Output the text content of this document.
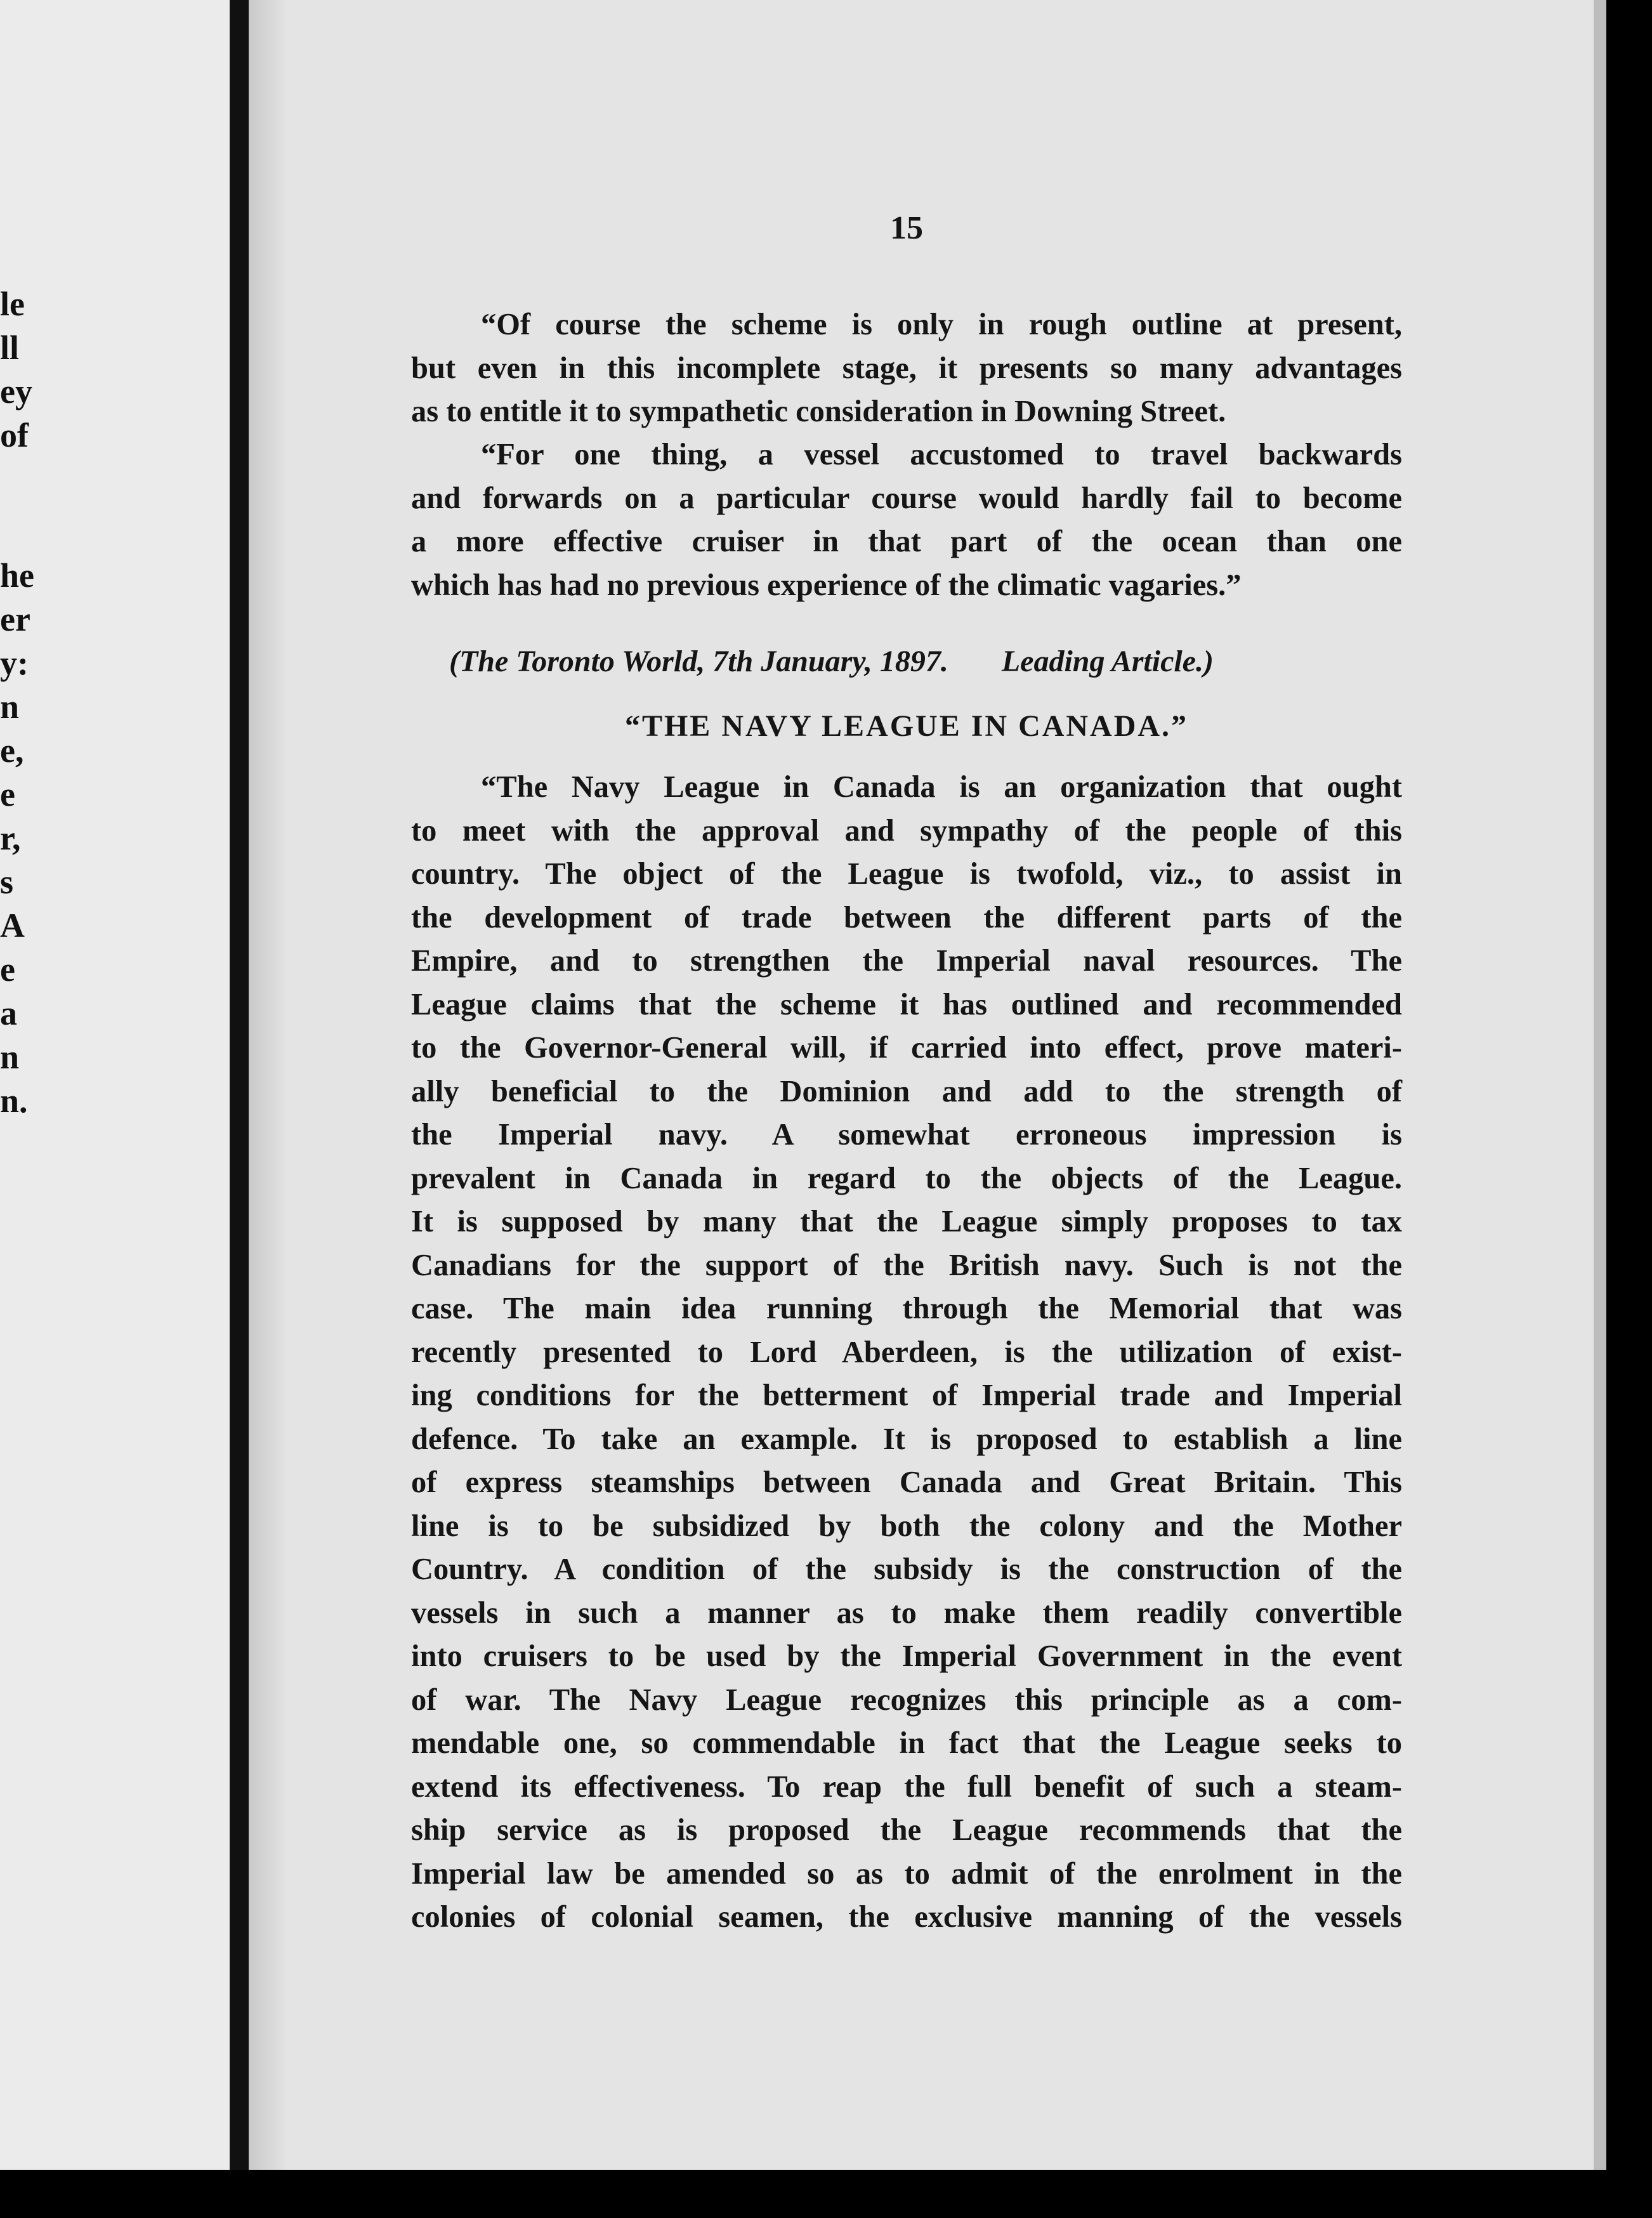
le
ll
ey
of
he
er
y:
n
e,
e
r,
s
A
e
a
n
n.
15
“Of course the scheme is only in rough outline at present,
but even in this incomplete stage, it presents so many advantages
as to entitle it to sympathetic consideration in Downing Street.
“For one thing, a vessel accustomed to travel backwards
and forwards on a particular course would hardly fail to become
a more effective cruiser in that part of the ocean than one
which has had no previous experience of the climatic vagaries.”
(The Toronto World, 7th January, 1897. Leading Article.)
“THE NAVY LEAGUE IN CANADA.”
“The Navy League in Canada is an organization that ought
to meet with the approval and sympathy of the people of this
country. The object of the League is twofold, viz., to assist in
the development of trade between the different parts of the
Empire, and to strengthen the Imperial naval resources. The
League claims that the scheme it has outlined and recommended
to the Governor-General will, if carried into effect, prove materi-
ally beneficial to the Dominion and add to the strength of
the Imperial navy. A somewhat erroneous impression is
prevalent in Canada in regard to the objects of the League.
It is supposed by many that the League simply proposes to tax
Canadians for the support of the British navy. Such is not the
case. The main idea running through the Memorial that was
recently presented to Lord Aberdeen, is the utilization of exist-
ing conditions for the betterment of Imperial trade and Imperial
defence. To take an example. It is proposed to establish a line
of express steamships between Canada and Great Britain. This
line is to be subsidized by both the colony and the Mother
Country. A condition of the subsidy is the construction of the
vessels in such a manner as to make them readily convertible
into cruisers to be used by the Imperial Government in the event
of war. The Navy League recognizes this principle as a com-
mendable one, so commendable in fact that the League seeks to
extend its effectiveness. To reap the full benefit of such a steam-
ship service as is proposed the League recommends that the
Imperial law be amended so as to admit of the enrolment in the
colonies of colonial seamen, the exclusive manning of the vessels
